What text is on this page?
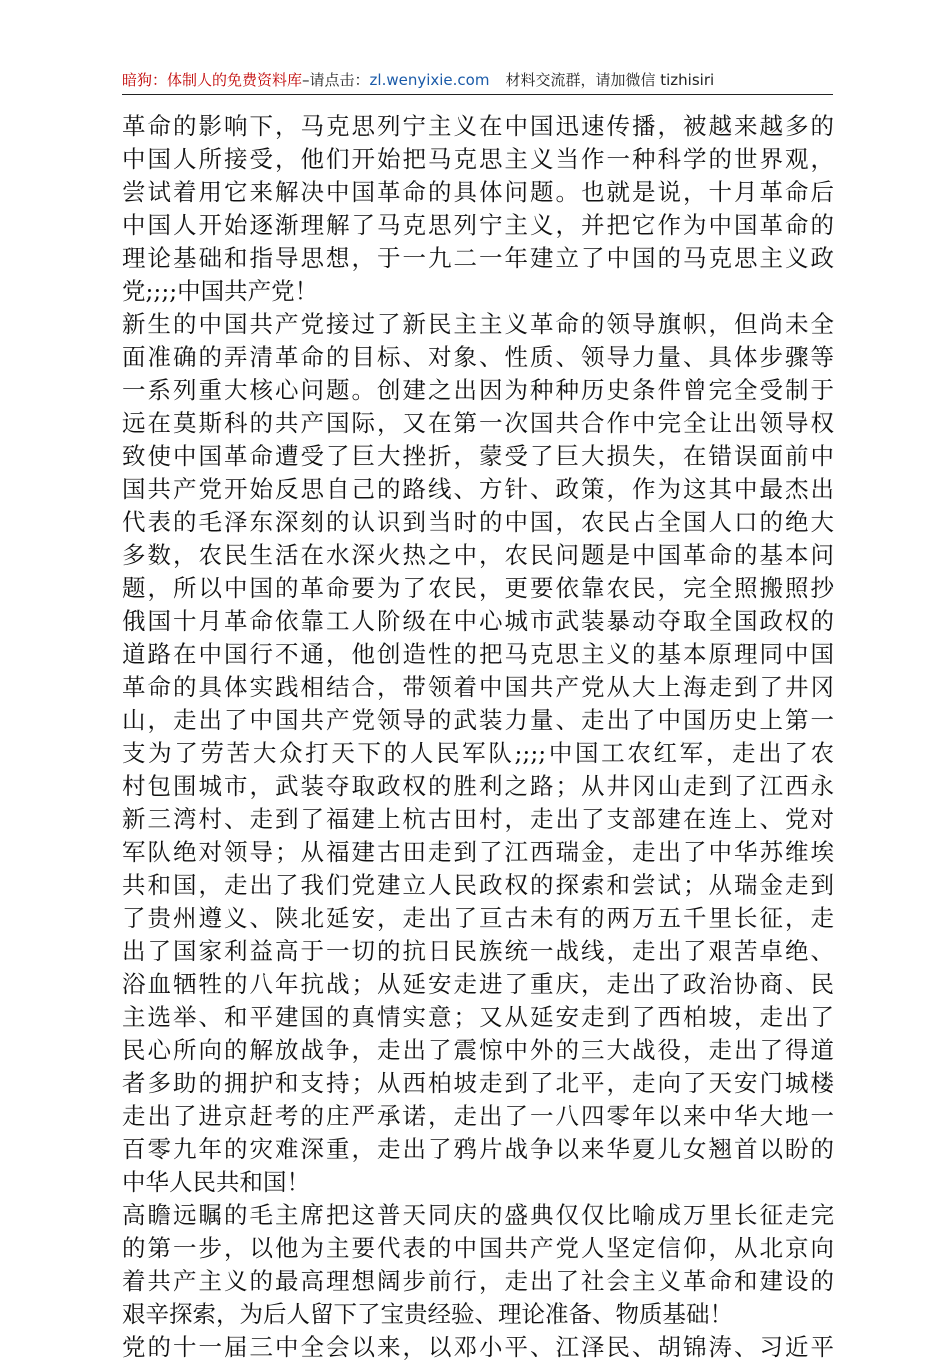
暗狗：体制人的免费资料库–请点击：zl.wenyixie.com 材料交流群，请加微信 tizhisiri
革命的影响下，马克思列宁主义在中国迅速传播，被越来越多的
中国人所接受，他们开始把马克思主义当作一种科学的世界观，
尝试着用它来解决中国革命的具体问题。也就是说，十月革命后
中国人开始逐渐理解了马克思列宁主义，并把它作为中国革命的
理论基础和指导思想，于一九二一年建立了中国的马克思主义政
党;;;;中国共产党！
新生的中国共产党接过了新民主主义革命的领导旗帜，但尚未全
面准确的弄清革命的目标、对象、性质、领导力量、具体步骤等
一系列重大核心问题。创建之出因为种种历史条件曾完全受制于
远在莫斯科的共产国际，又在第一次国共合作中完全让出领导权
致使中国革命遭受了巨大挫折，蒙受了巨大损失，在错误面前中
国共产党开始反思自己的路线、方针、政策，作为这其中最杰出
代表的毛泽东深刻的认识到当时的中国，农民占全国人口的绝大
多数，农民生活在水深火热之中，农民问题是中国革命的基本问
题，所以中国的革命要为了农民，更要依靠农民，完全照搬照抄
俄国十月革命依靠工人阶级在中心城市武装暴动夺取全国政权的
道路在中国行不通，他创造性的把马克思主义的基本原理同中国
革命的具体实践相结合，带领着中国共产党从大上海走到了井冈
山，走出了中国共产党领导的武装力量、走出了中国历史上第一
支为了劳苦大众打天下的人民军队;;;;中国工农红军，走出了农
村包围城市，武装夺取政权的胜利之路；从井冈山走到了江西永
新三湾村、走到了福建上杭古田村，走出了支部建在连上、党对
军队绝对领导；从福建古田走到了江西瑞金，走出了中华苏维埃
共和国，走出了我们党建立人民政权的探索和尝试；从瑞金走到
了贵州遵义、陕北延安，走出了亘古未有的两万五千里长征，走
出了国家利益高于一切的抗日民族统一战线，走出了艰苦卓绝、
浴血牺牲的八年抗战；从延安走进了重庆，走出了政治协商、民
主选举、和平建国的真情实意；又从延安走到了西柏坡，走出了
民心所向的解放战争，走出了震惊中外的三大战役，走出了得道
者多助的拥护和支持；从西柏坡走到了北平，走向了天安门城楼
走出了进京赶考的庄严承诺，走出了一八四零年以来中华大地一
百零九年的灾难深重，走出了鸦片战争以来华夏儿女翘首以盼的
中华人民共和国！
高瞻远瞩的毛主席把这普天同庆的盛典仅仅比喻成万里长征走完
的第一步，以他为主要代表的中国共产党人坚定信仰，从北京向
着共产主义的最高理想阔步前行，走出了社会主义革命和建设的
艰辛探索，为后人留下了宝贵经验、理论准备、物质基础！
党的十一届三中全会以来，以邓小平、江泽民、胡锦涛、习近平
